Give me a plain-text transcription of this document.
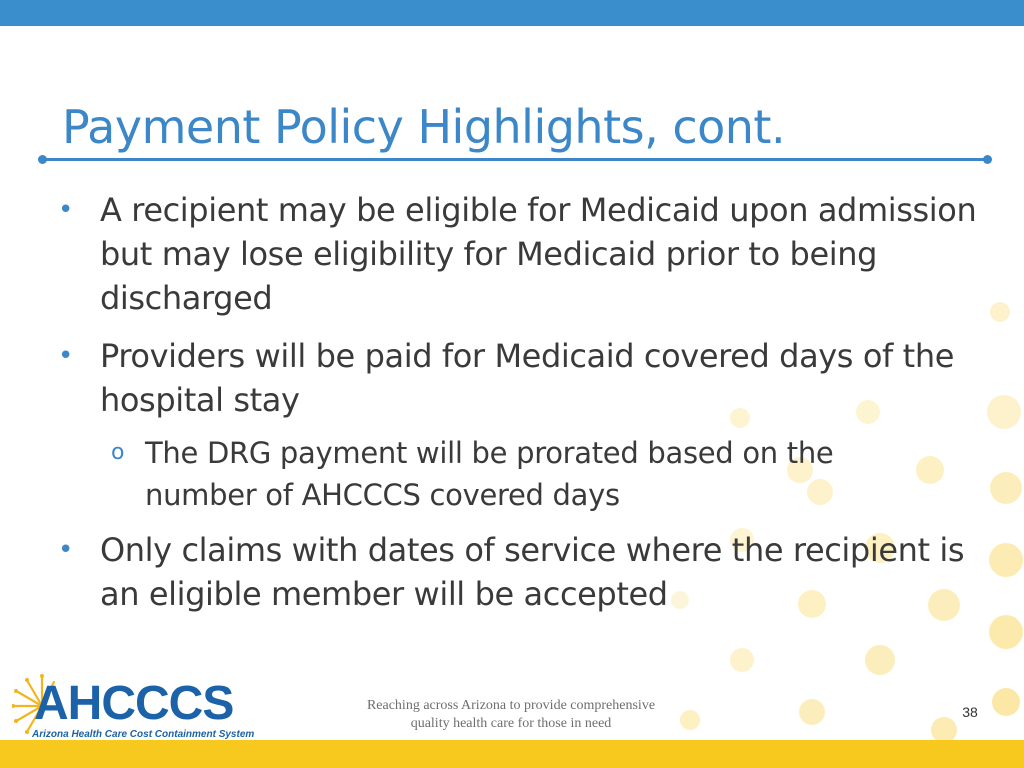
Payment Policy Highlights, cont.
• A recipient may be eligible for Medicaid upon admission but may lose eligibility for Medicaid prior to being discharged
• Providers will be paid for Medicaid covered days of the hospital stay
o The DRG payment will be prorated based on the number of AHCCCS covered days
• Only claims with dates of service where the recipient is an eligible member will be accepted
AHCCCS
Arizona Health Care Cost Containment System
Reaching across Arizona to provide comprehensive
quality health care for those in need
38
